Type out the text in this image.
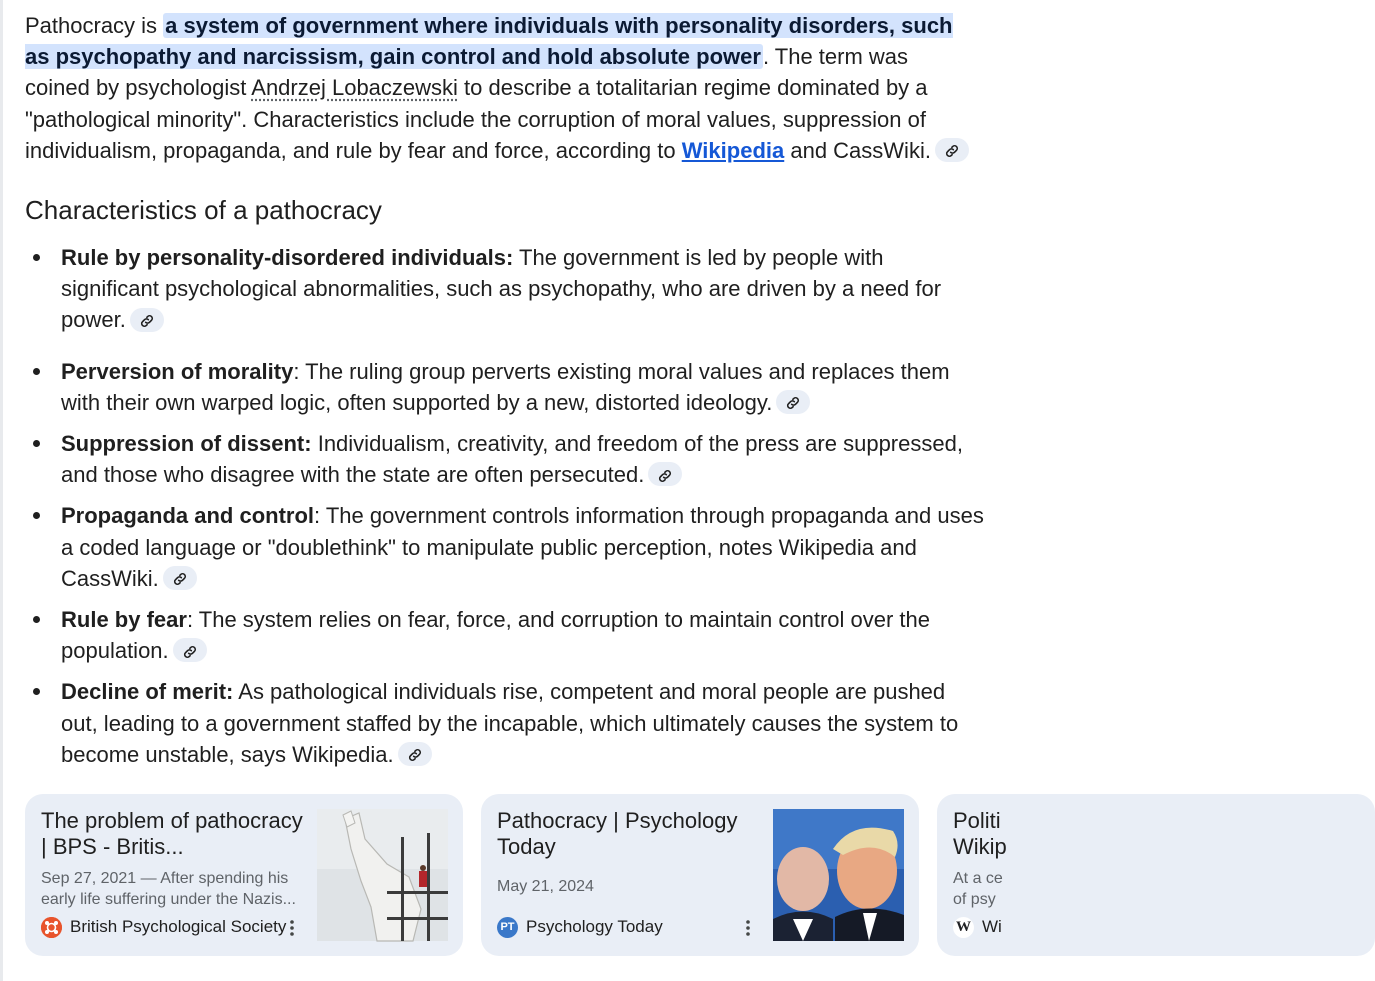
Pathocracy is a system of government where individuals with personality disorders, such as psychopathy and narcissism, gain control and hold absolute power. The term was coined by psychologist Andrzej Lobaczewski to describe a totalitarian regime dominated by a "pathological minority". Characteristics include the corruption of moral values, suppression of individualism, propaganda, and rule by fear and force, according to Wikipedia and CassWiki.

Characteristics of a pathocracy
Rule by personality-disordered individuals: The government is led by people with significant psychological abnormalities, such as psychopathy, who are driven by a need for power.
Perversion of morality: The ruling group perverts existing moral values and replaces them with their own warped logic, often supported by a new, distorted ideology.
Suppression of dissent: Individualism, creativity, and freedom of the press are suppressed, and those who disagree with the state are often persecuted.
Propaganda and control: The government controls information through propaganda and uses a coded language or "doublethink" to manipulate public perception, notes Wikipedia and CassWiki.
Rule by fear: The system relies on fear, force, and corruption to maintain control over the population.
Decline of merit: As pathological individuals rise, competent and moral people are pushed out, leading to a government staffed by the incapable, which ultimately causes the system to become unstable, says Wikipedia.

The problem of pathocracy | BPS - Britis...

Sep 27, 2021 — After spending his early life suffering under the Nazis...

British Psychological Society

Pathocracy | Psychology Today

May 21, 2024

PT Psychology Today

Politi Wikip

At a ce of psy

W Wi
